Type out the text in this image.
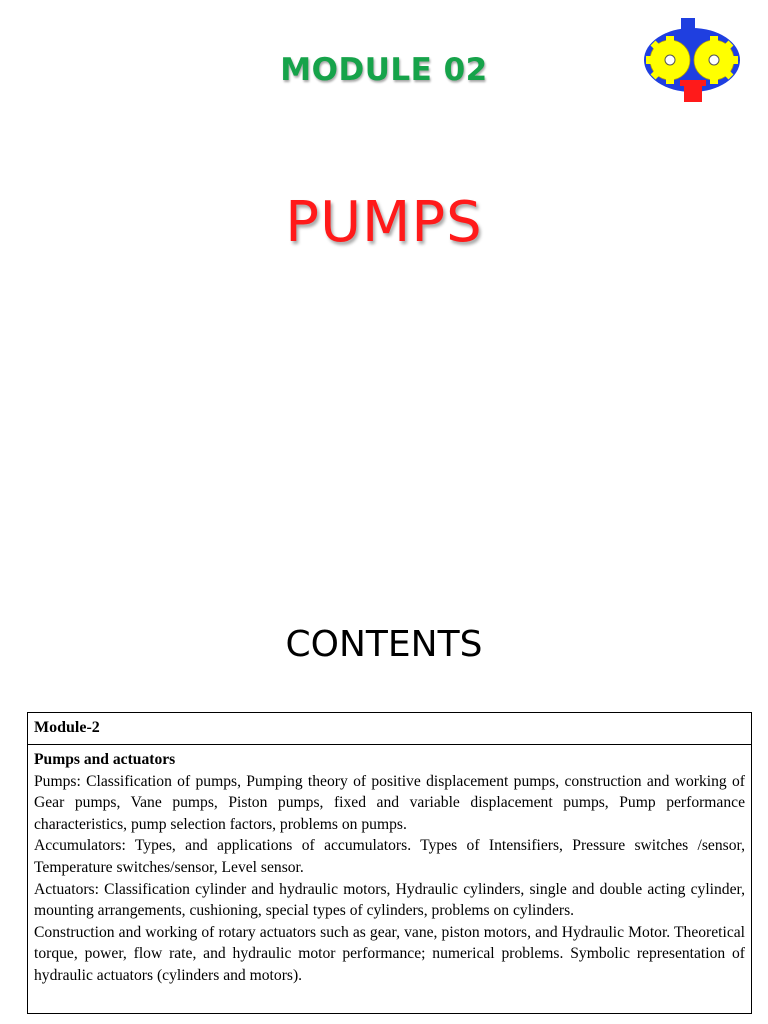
MODULE 02
PUMPS
CONTENTS
Module-2
Pumps and actuators

Pumps: Classification of pumps, Pumping theory of positive displacement pumps, construction and working of Gear pumps, Vane pumps, Piston pumps, fixed and variable displacement pumps, Pump performance characteristics, pump selection factors, problems on pumps.

Accumulators: Types, and applications of accumulators. Types of Intensifiers, Pressure switches /sensor, Temperature switches/sensor, Level sensor.

Actuators: Classification cylinder and hydraulic motors, Hydraulic cylinders, single and double acting cylinder, mounting arrangements, cushioning, special types of cylinders, problems on cylinders.

Construction and working of rotary actuators such as gear, vane, piston motors, and Hydraulic Motor. Theoretical torque, power, flow rate, and hydraulic motor performance; numerical problems. Symbolic representation of hydraulic actuators (cylinders and motors).
